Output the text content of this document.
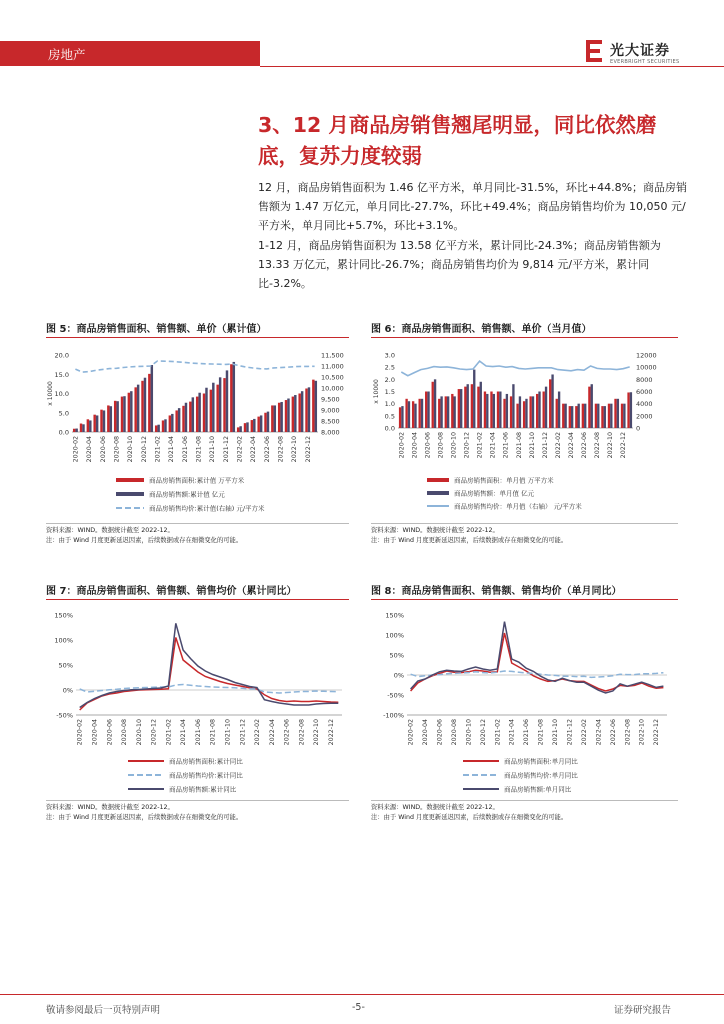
房地产	光大证券
EVERBRIGHT SECURITIES
3、12 月商品房销售翘尾明显，同比依然磨底，复苏力度较弱
12 月，商品房销售面积为 1.46 亿平方米，单月同比-31.5%，环比+44.8%；商品房销售额为 1.47 万亿元，单月同比-27.7%，环比+49.4%；商品房销售均价为 10,050 元/平方米，单月同比+5.7%，环比+3.1%。
1-12 月，商品房销售面积为 13.58 亿平方米，累计同比-24.3%；商品房销售额为 13.33 万亿元，累计同比-26.7%；商品房销售均价为 9,814 元/平方米，累计同比-3.2%。
图 5：商品房销售面积、销售额、单价（累计值）	图 6：商品房销售面积、销售额、单价（当月值）
图 7：商品房销售面积、销售额、销售均价（累计同比）	图 8：商品房销售面积、销售额、销售均价（单月同比）
20.0
15.0
10.0
5.0
0.0
11,500
11,000
10,500
10,000
9,500
9,000
8,500
8,000
x 10000
2020-02 2020-04 2020-06 2020-08 2020-10 2020-12 2021-02 2021-04 2021-06 2021-08 2021-10 2021-12 2022-02 2022-04 2022-06 2022-08 2022-10 2022-12
商品房销售面积:累计值 万平方米
商品房销售额:累计值 亿元
商品房销售均价:累计值(右轴) 元/平方米
3.0
2.5
2.0
1.5
1.0
0.5
0.0
12000
10000
8000
6000
4000
2000
0
x 10000
2020-02 2020-04 2020-06 2020-08 2020-10 2020-12 2021-02 2021-04 2021-06 2021-08 2021-10 2021-12 2022-02 2022-04 2022-06 2022-08 2022-10 2022-12
商品房销售面积：单月值 万平方米
商品房销售额：单月值 亿元
商品房销售均价：单月值（右轴） 元/平方米
150%
100%
50%
0%
-50%
2020-02 2020-04 2020-06 2020-08 2020-10 2020-12 2021-02 2021-04 2021-06 2021-08 2021-10 2021-12 2022-02 2022-04 2022-06 2022-08 2022-10 2022-12
商品房销售面积:累计同比
商品房销售均价:累计同比
商品房销售额:累计同比
150%
100%
50%
0%
-50%
-100%
2020-02 2020-04 2020-06 2020-08 2020-10 2020-12 2021-02 2021-04 2021-06 2021-08 2021-10 2021-12 2022-02 2022-04 2022-06 2022-08 2022-10 2022-12
商品房销售面积:单月同比
商品房销售均价:单月同比
商品房销售额:单月同比
资料来源：WIND。数据统计截至 2022-12。
注：由于 Wind 月度更新延迟因素，后续数据或存在细微变化的可能。
资料来源：WIND。数据统计截至 2022-12。
注：由于 Wind 月度更新延迟因素，后续数据或存在细微变化的可能。
资料来源：WIND。数据统计截至 2022-12。
注：由于 Wind 月度更新延迟因素，后续数据或存在细微变化的可能。
资料来源：WIND。数据统计截至 2022-12。
注：由于 Wind 月度更新延迟因素，后续数据或存在细微变化的可能。
敬请参阅最后一页特别声明	-5-	证券研究报告
